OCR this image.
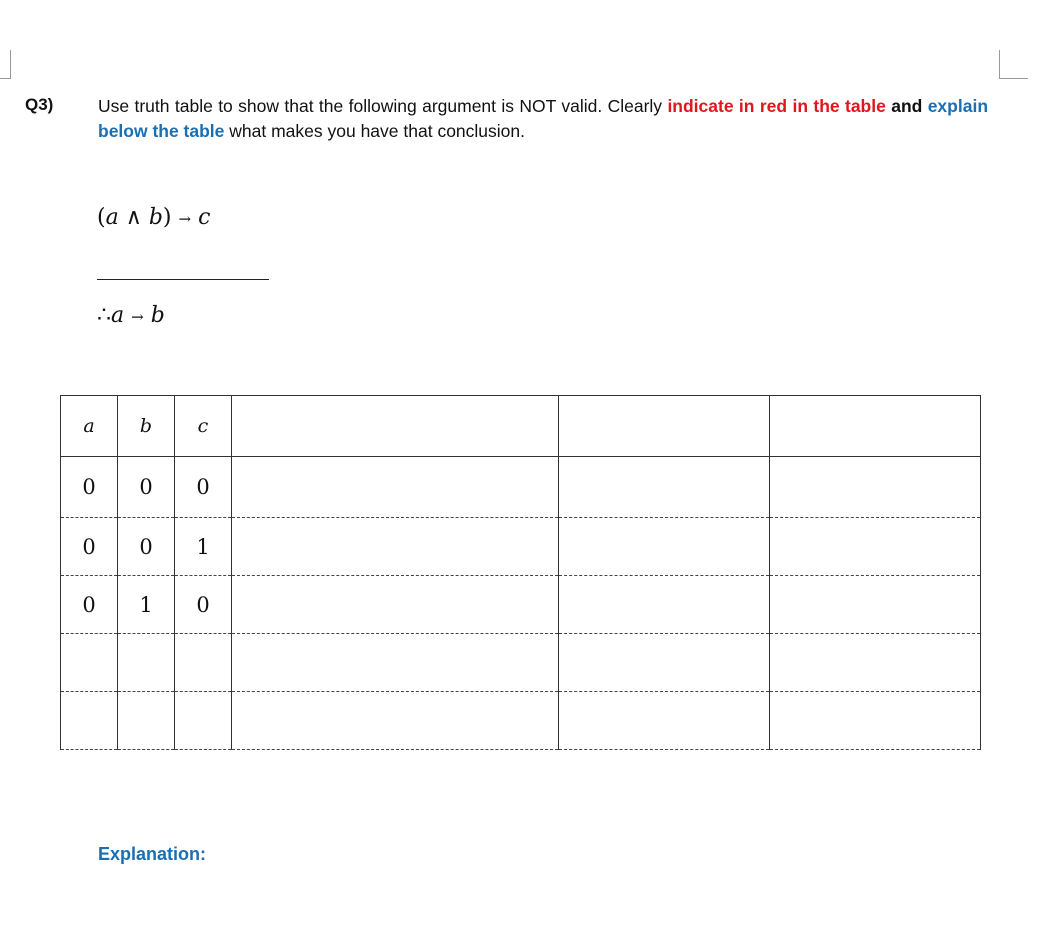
Q3)	Use truth table to show that the following argument is NOT valid. Clearly indicate in red in the table and explain below the table what makes you have that conclusion.
(a ∧ b) → c
∴a → b
a	b	c			
0	0	0			
0	0	1			
0	1	0			

Explanation:
